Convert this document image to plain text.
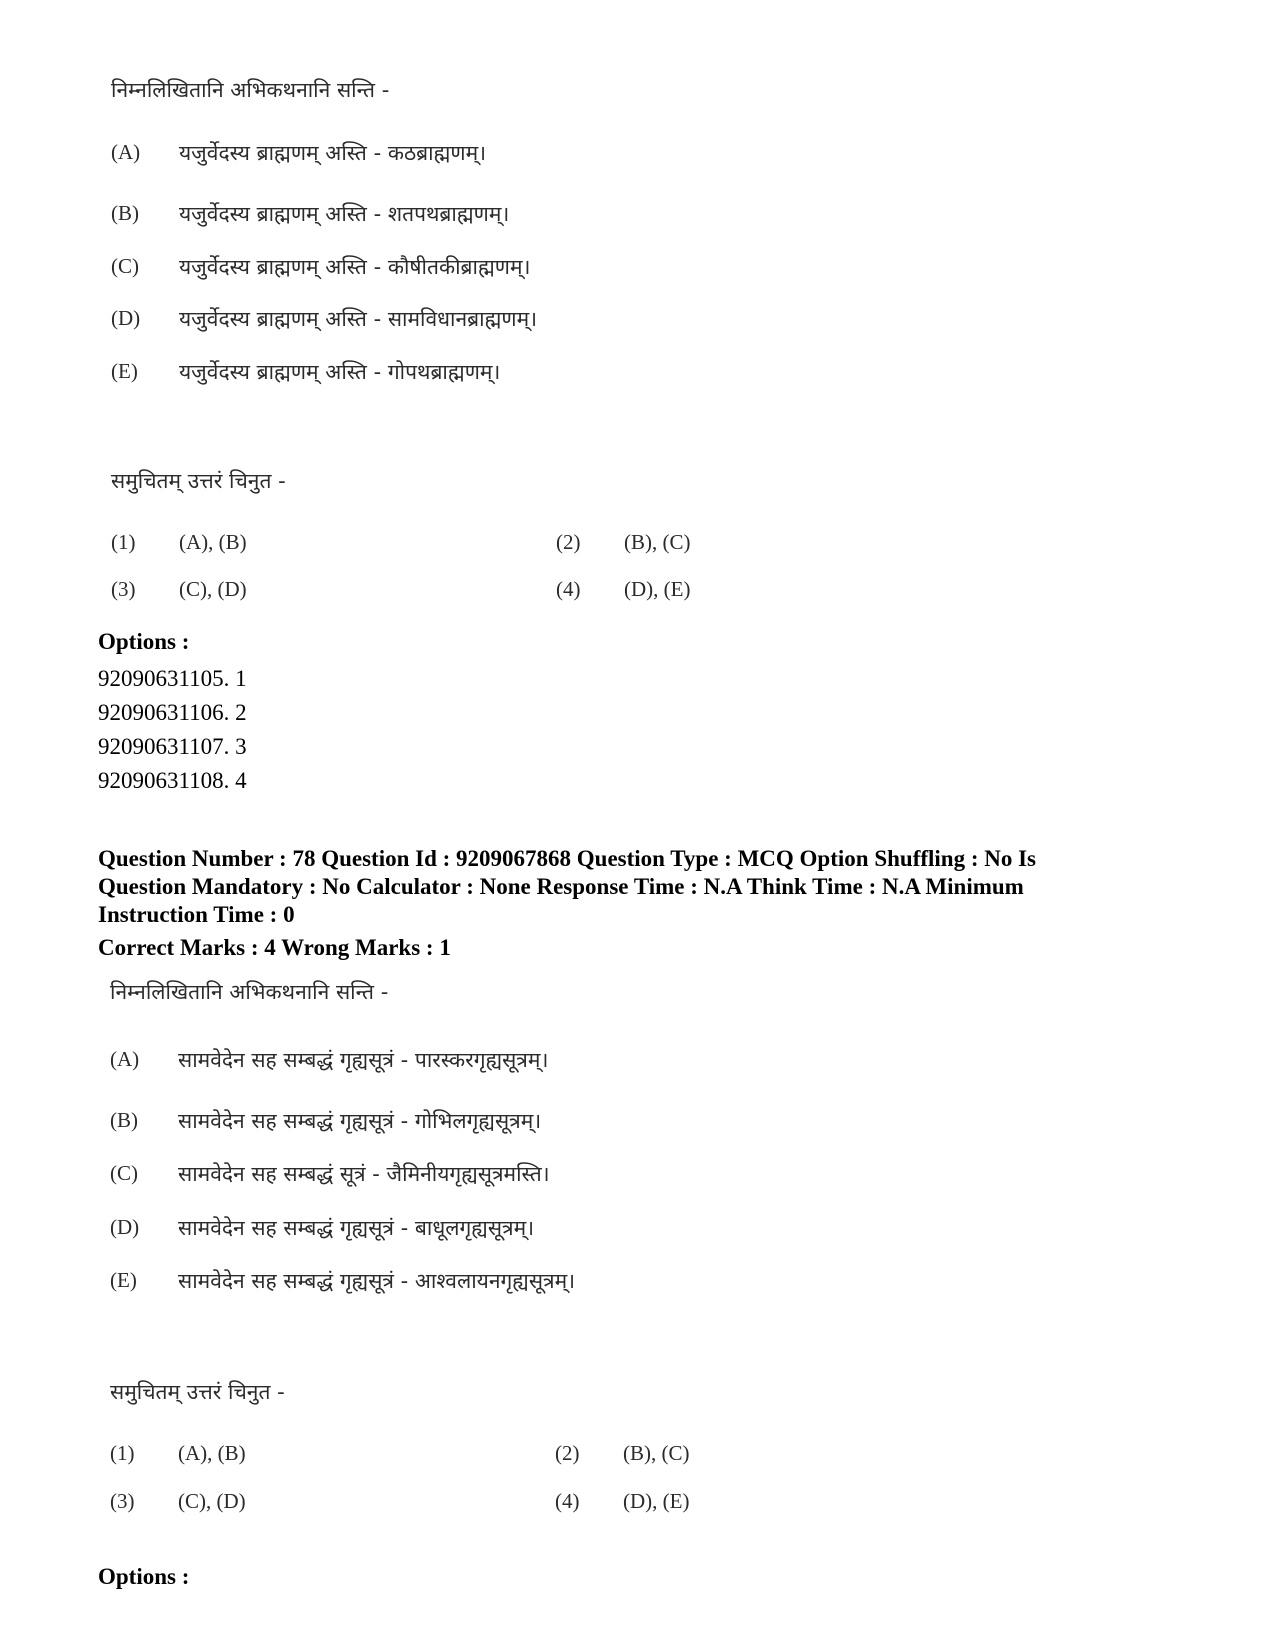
निम्नलिखितानि अभिकथनानि सन्ति -
(A) यजुर्वेदस्य ब्राह्मणम् अस्ति - कठब्राह्मणम्।
(B) यजुर्वेदस्य ब्राह्मणम् अस्ति - शतपथब्राह्मणम्।
(C) यजुर्वेदस्य ब्राह्मणम् अस्ति - कौषीतकीब्राह्मणम्।
(D) यजुर्वेदस्य ब्राह्मणम् अस्ति - सामविधानब्राह्मणम्।
(E) यजुर्वेदस्य ब्राह्मणम् अस्ति - गोपथब्राह्मणम्।
समुचितम् उत्तरं चिनुत -
(1) (A), (B)	(2) (B), (C)
(3) (C), (D)	(4) (D), (E)
Options :
92090631105. 1
92090631106. 2
92090631107. 3
92090631108. 4
Question Number : 78 Question Id : 9209067868 Question Type : MCQ Option Shuffling : No Is
Question Mandatory : No Calculator : None Response Time : N.A Think Time : N.A Minimum
Instruction Time : 0
Correct Marks : 4 Wrong Marks : 1
निम्नलिखितानि अभिकथनानि सन्ति -
(A) सामवेदेन सह सम्बद्धं गृह्यसूत्रं - पारस्करगृह्यसूत्रम्।
(B) सामवेदेन सह सम्बद्धं गृह्यसूत्रं - गोभिलगृह्यसूत्रम्।
(C) सामवेदेन सह सम्बद्धं सूत्रं - जैमिनीयगृह्यसूत्रमस्ति।
(D) सामवेदेन सह सम्बद्धं गृह्यसूत्रं - बाधूलगृह्यसूत्रम्।
(E) सामवेदेन सह सम्बद्धं गृह्यसूत्रं - आश्वलायनगृह्यसूत्रम्।
समुचितम् उत्तरं चिनुत -
(1) (A), (B)	(2) (B), (C)
(3) (C), (D)	(4) (D), (E)
Options :
